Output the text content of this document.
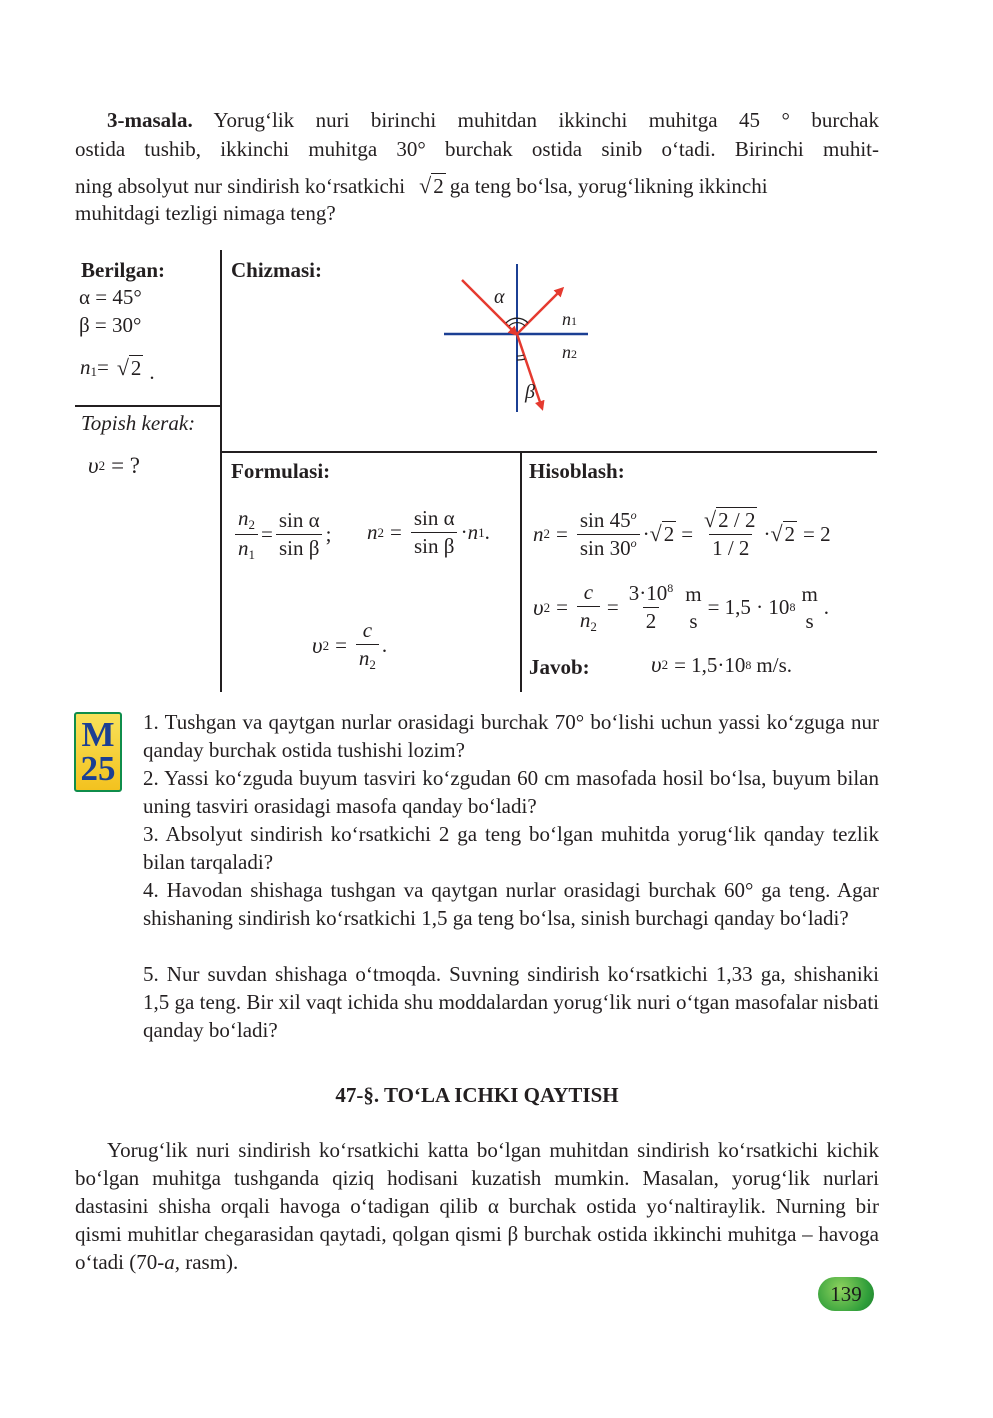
3-masala. Yorug‘lik nuri birinchi muhitdan ikkinchi muhitga 45 ° burchak
ostida tushib, ikkinchi muhitga 30° burchak ostida sinib o‘tadi. Birinchi muhit-
ning absolyut nur sindirish ko‘rsatkichi √ 2 ga teng bo‘lsa, yorug‘likning ikkinchi
muhitdagi tezligi nimaga teng?
Berilgan:
α = 45°
β = 30°
n 1 = √ 2 .
Topish kerak:
υ 2 = ?
Chizmasi:
α
β
n1
n2
Formulasi:
$\frac{n_2}{n_1} = \frac{\text{sin α}}{\text{sin β}}$ ; n $2 = \frac{\text{sin α}}{\text{sin β}} \cdot n$ 1 .
υ $2 = \frac{c}{n_2}$ .
Hisoblash:
n $2 = \frac{\sin 45^o}{\sin 30^o}$ · √ $2 = \frac{√ 2 / 2}{1 / 2}$ · √ 2 = 2
υ $2 = \frac{c}{n_2} = \frac{3\cdot 10^8}{2}$ m
s
= 1,5 · 10 8
m
s
.
Javob:	υ 2 = 1,5·10 8 m/s.
M
25
1. Tushgan va qaytgan nurlar orasidagi burchak 70° bo‘lishi uchun yassi ko‘zguga nur qanday burchak ostida tushishi lozim?
2. Yassi ko‘zguda buyum tasviri ko‘zgudan 60 cm masofada hosil bo‘lsa, buyum bilan uning tasviri orasidagi masofa qanday bo‘ladi?
3. Absolyut sindirish ko‘rsatkichi 2 ga teng bo‘lgan muhitda yorug‘lik qanday tezlik bilan tarqaladi?
4. Havodan shishaga tushgan va qaytgan nurlar orasidagi burchak 60° ga teng. Agar shishaning sindirish ko‘rsatkichi 1,5 ga teng bo‘lsa, sinish burchagi qanday bo‘ladi?
5. Nur suvdan shishaga o‘tmoqda. Suvning sindirish ko‘rsatkichi 1,33 ga, shishaniki 1,5 ga teng. Bir xil vaqt ichida shu moddalardan yorug‘lik nuri o‘tgan masofalar nisbati qanday bo‘ladi?
47-§. TO‘LA ICHKI QAYTISH
Yorug‘lik nuri sindirish ko‘rsatkichi katta bo‘lgan muhitdan sindirish ko‘rsatkichi kichik bo‘lgan muhitga tushganda qiziq hodisani kuzatish mumkin. Masalan, yorug‘lik nurlari dastasini shisha orqali havoga o‘tadigan qilib α burchak ostida yo‘naltiraylik. Nurning bir qismi muhitlar chegarasidan qaytadi, qolgan qismi β burchak ostida ikkinchi muhitga – havoga o‘tadi (70-a, rasm).
139
